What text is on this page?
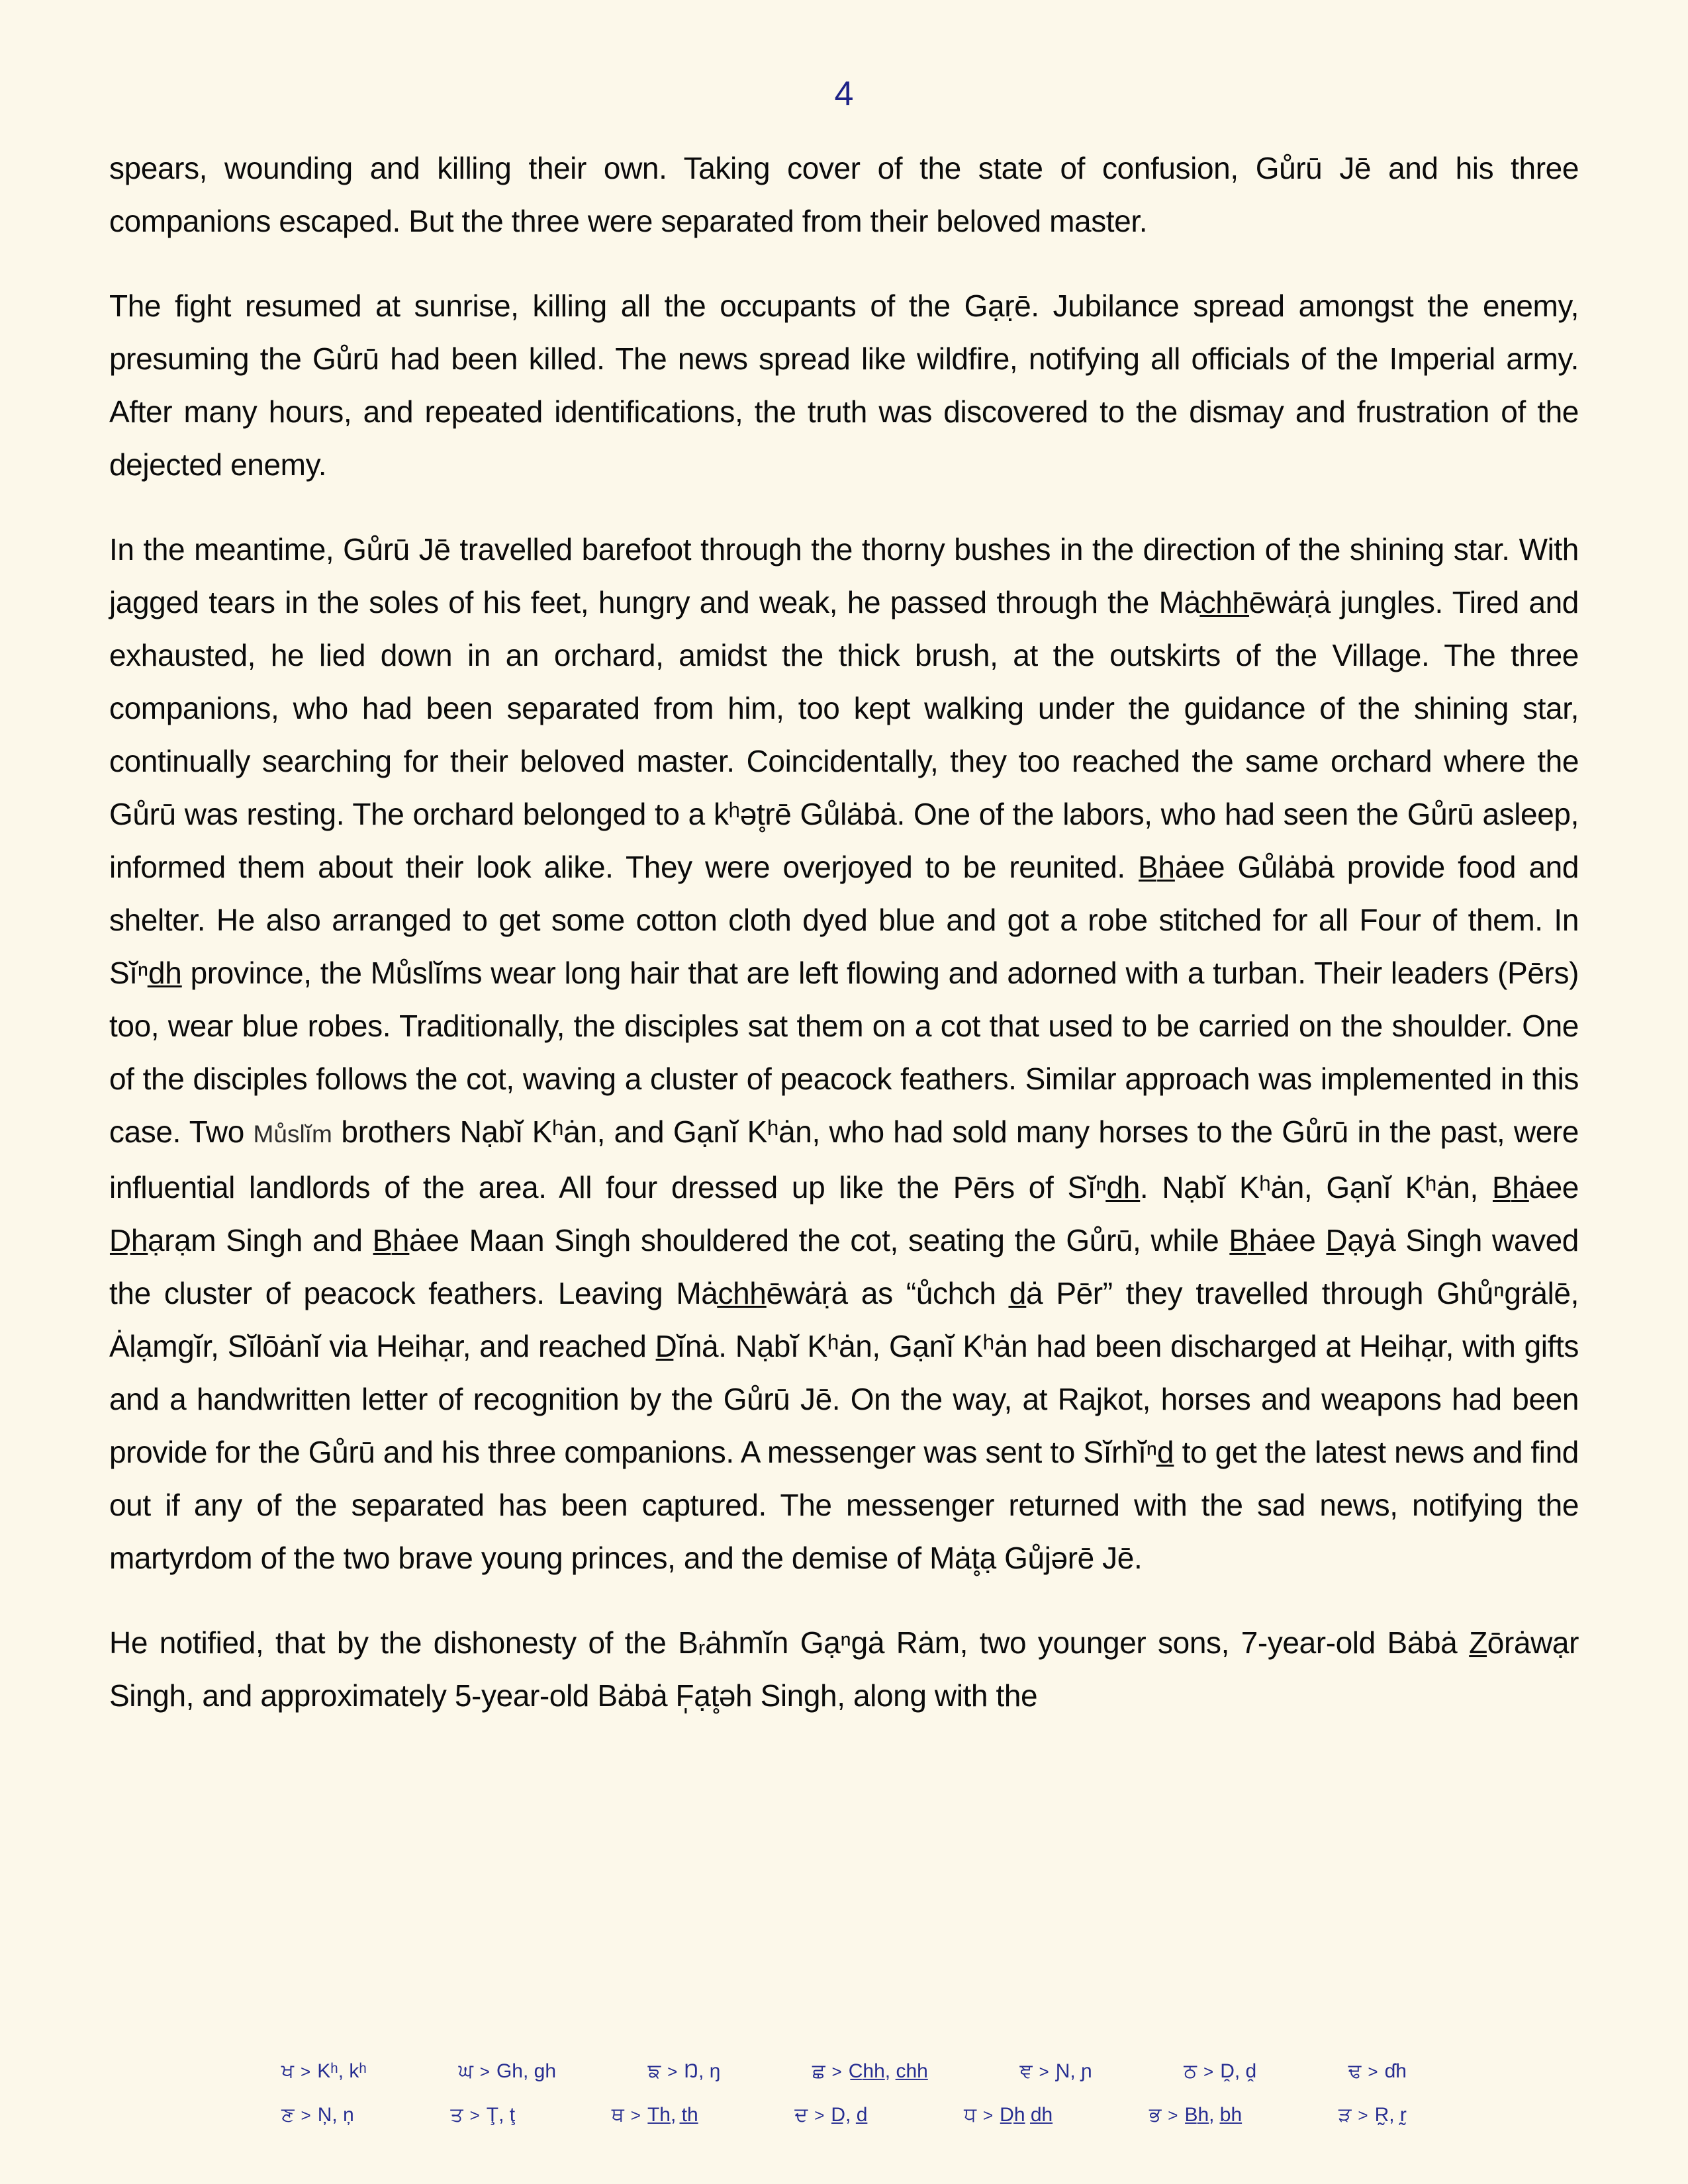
4

spears, wounding and killing their own. Taking cover of the state of confusion, Gůrū Jē and his three companions escaped. But the three were separated from their beloved master.

The fight resumed at sunrise, killing all the occupants of the Gạṛē. Jubilance spread amongst the enemy, presuming the Gůrū had been killed. The news spread like wildfire, notifying all officials of the Imperial army. After many hours, and repeated identifications, the truth was discovered to the dismay and frustration of the dejected enemy.

In the meantime, Gůrū Jē travelled barefoot through the thorny bushes in the direction of the shining star. With jagged tears in the soles of his feet, hungry and weak, he passed through the Mȧc̲h̲h̲ēwȧṛȧ jungles. Tired and exhausted, he lied down in an orchard, amidst the thick brush, at the outskirts of the Village. The three companions, who had been separated from him, too kept walking under the guidance of the shining star, continually searching for their beloved master. Coincidentally, they too reached the same orchard where the Gůrū was resting. The orchard belonged to a kʰət̥rē Gůlȧbȧ. One of the labors, who had seen the Gůrū asleep, informed them about their look alike. They were overjoyed to be reunited. B̲h̲ȧee Gůlȧbȧ provide food and shelter. He also arranged to get some cotton cloth dyed blue and got a robe stitched for all Four of them. In Sĭⁿd̲h̲ province, the Můslĭms wear long hair that are left flowing and adorned with a turban. Their leaders (Pērs) too, wear blue robes. Traditionally, the disciples sat them on a cot that used to be carried on the shoulder. One of the disciples follows the cot, waving a cluster of peacock feathers. Similar approach was implemented in this case. Two Můslĭm brothers Nạbĭ Kʰȧn, and Gạnĭ Kʰȧn, who had sold many horses to the Gůrū in the past, were influential landlords of the area. All four dressed up like the Pērs of Sĭⁿd̲h̲. Nạbĭ Kʰȧn, Gạnĭ Kʰȧn, B̲h̲ȧee D̲h̲ạrạm Singh and B̲h̲ȧee Maan Singh shouldered the cot, seating the Gůrū, while B̲h̲ȧee D̲ạyȧ Singh waved the cluster of peacock feathers. Leaving Mȧc̲h̲h̲ēwȧṛȧ as “ůchch d̲ȧ Pēr” they travelled through Ghůⁿgrȧlē, Ȧlạmgĭr, Sĭlōȧnĭ via Heihạr, and reached D̲ĭnȧ. Nạbĭ Kʰȧn, Gạnĭ Kʰȧn had been discharged at Heihạr, with gifts and a handwritten letter of recognition by the Gůrū Jē. On the way, at Rajkot, horses and weapons had been provide for the Gůrū and his three companions. A messenger was sent to Sĭrhĭⁿd̲ to get the latest news and find out if any of the separated has been captured. The messenger returned with the sad news, notifying the martyrdom of the two brave young princes, and the demise of Mȧt̥ạ Gůjərē Jē.

He notified, that by the dishonesty of the Bᵣȧhmĭn Gạⁿgȧ Rȧm, two younger sons, 7-year-old Bȧbȧ Z̲ōrȧwạr Singh, and approximately 5-year-old Bȧbȧ F̩ạt̥əh Singh, along with the

ਖ > Kʰ, kʰ	ਘ > Gh, gh	ਙ > Ŋ, ŋ	ਛ > C̲h̲h̲, c̲h̲h̲	ਞ > Ɲ, ɲ	ਠ > Ḓ, ḓ	ਢ > ɗh
ਣ > Ņ, ņ	ਤ > Ţ, ţ	ਥ > T̲h̲, t̲h̲	ਦ > D̲, d̲	ਧ > D̲h̲ d̲h̲	ਭ > B̲h̲, b̲h̲	ੜ > R̰, r̰
